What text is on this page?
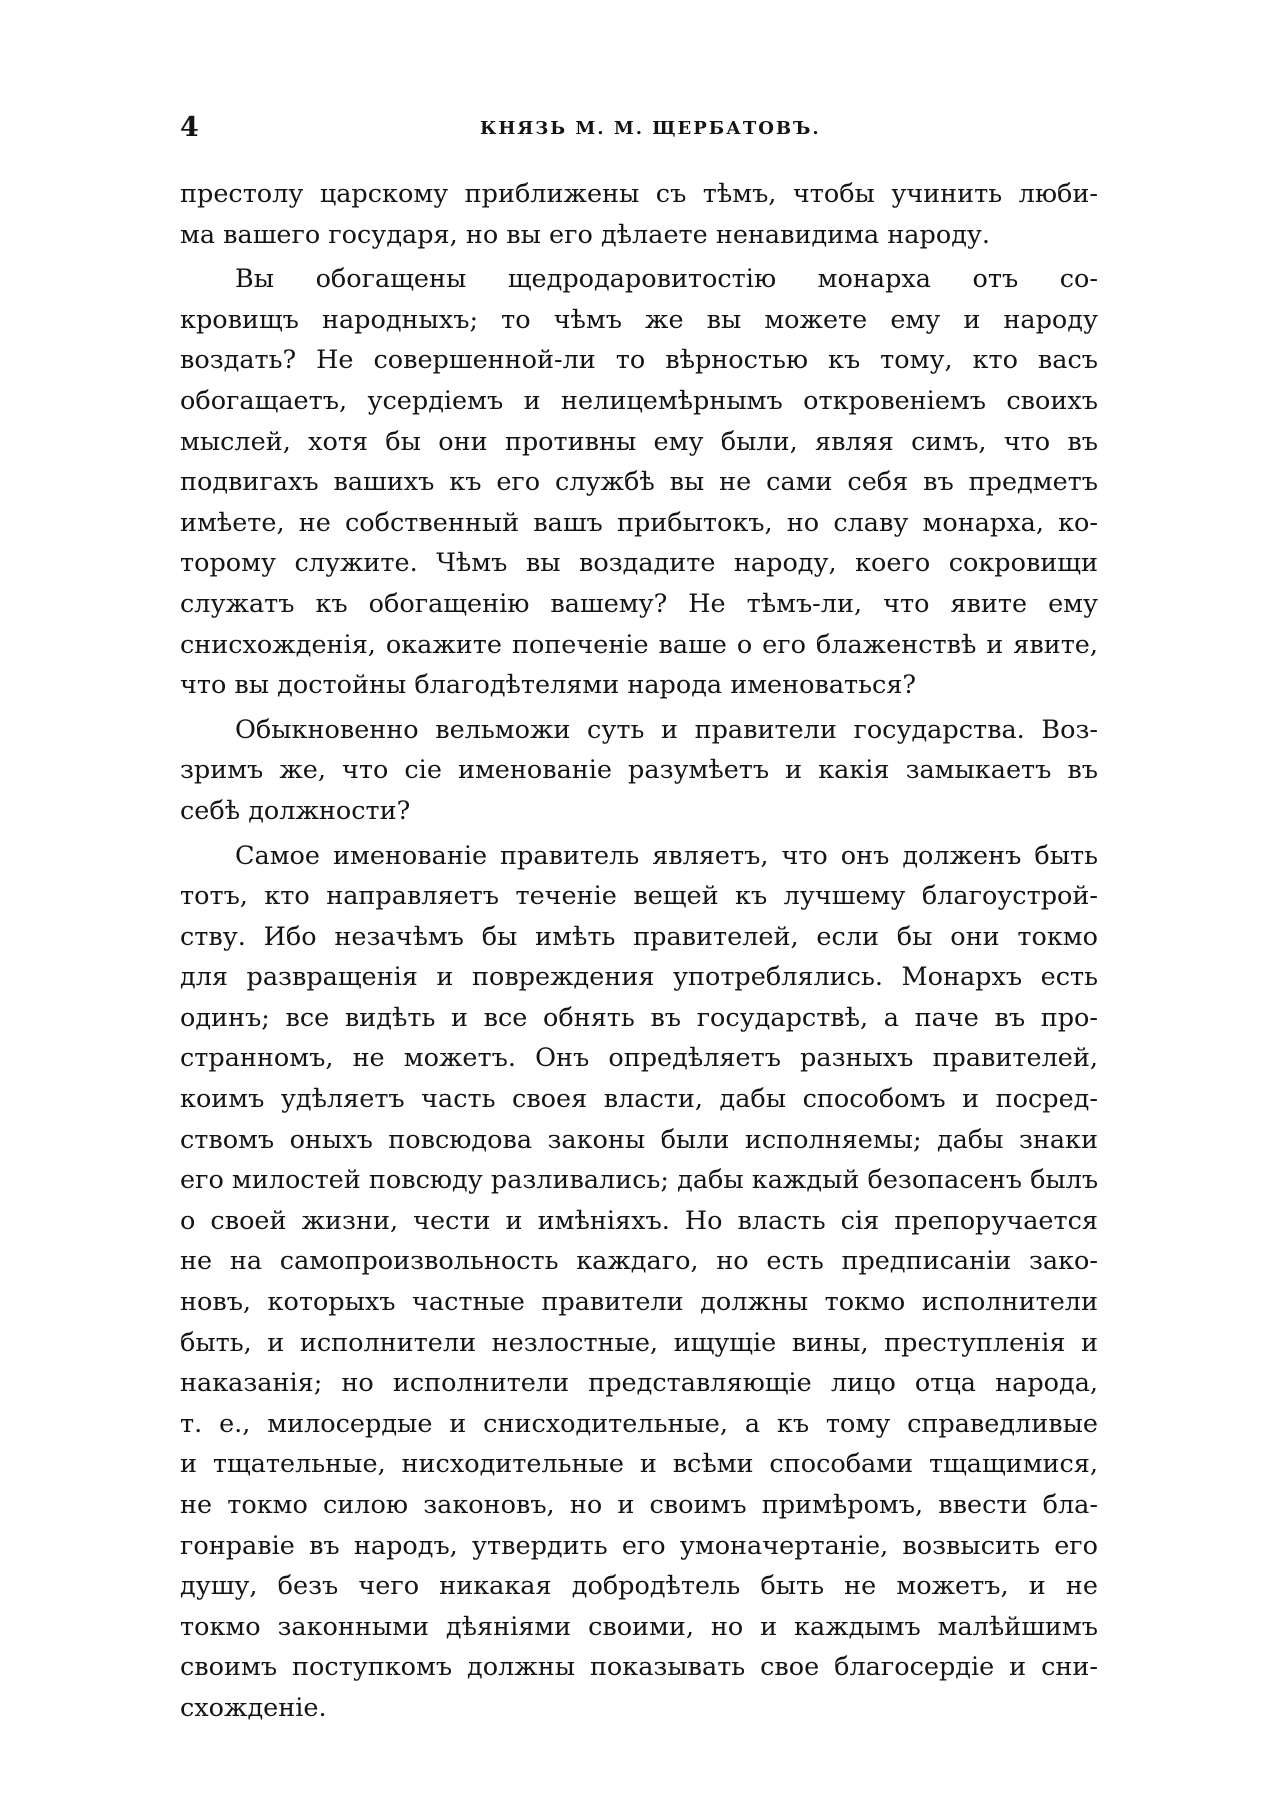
4	КНЯЗЬ М. М. ЩЕРБАТОВЪ.
престолу царскому приближены съ тѣмъ, чтобы учинить люби-
ма вашего государя, но вы его дѣлаете ненавидима народу.
Вы обогащены щедродаровитостію монарха отъ со-
кровищъ народныхъ; то чѣмъ же вы можете ему и народу
воздать? Не совершенной-ли то вѣрностью къ тому, кто васъ
обогащаетъ, усердіемъ и нелицемѣрнымъ откровеніемъ своихъ
мыслей, хотя бы они противны ему были, являя симъ, что въ
подвигахъ вашихъ къ его службѣ вы не сами себя въ предметъ
имѣете, не собственный вашъ прибытокъ, но славу монарха, ко-
торому служите. Чѣмъ вы воздадите народу, коего сокровищи
служатъ къ обогащенію вашему? Не тѣмъ-ли, что явите ему
снисхожденія, окажите попеченіе ваше о его блаженствѣ и явите,
что вы достойны благодѣтелями народа именоваться?
Обыкновенно вельможи суть и правители государства. Воз-
зримъ же, что сіе именованіе разумѣетъ и какія замыкаетъ въ
себѣ должности?
Самое именованіе правитель являетъ, что онъ долженъ быть
тотъ, кто направляетъ теченіе вещей къ лучшему благоустрой-
ству. Ибо незачѣмъ бы имѣть правителей, если бы они токмо
для развращенія и повреждения употреблялись. Монархъ есть
одинъ; все видѣть и все обнять въ государствѣ, а паче въ про-
странномъ, не можетъ. Онъ опредѣляетъ разныхъ правителей,
коимъ удѣляетъ часть своея власти, дабы способомъ и посред-
ствомъ оныхъ повсюдова законы были исполняемы; дабы знаки
его милостей повсюду разливались; дабы каждый безопасенъ былъ
о своей жизни, чести и имѣніяхъ. Но власть сія препоручается
не на самопроизвольность каждаго, но есть предписаніи зако-
новъ, которыхъ частные правители должны токмо исполнители
быть, и исполнители незлостные, ищущіе вины, преступленія и
наказанія; но исполнители представляющіе лицо отца народа,
т. е., милосердые и снисходительные, а къ тому справедливые
и тщательные, нисходительные и всѣми способами тщащимися,
не токмо силою законовъ, но и своимъ примѣромъ, ввести бла-
гонравіе въ народъ, утвердить его умоначертаніе, возвысить его
душу, безъ чего никакая добродѣтель быть не можетъ, и не
токмо законными дѣяніями своими, но и каждымъ малѣйшимъ
своимъ поступкомъ должны показывать свое благосердіе и сни-
схожденіе.
